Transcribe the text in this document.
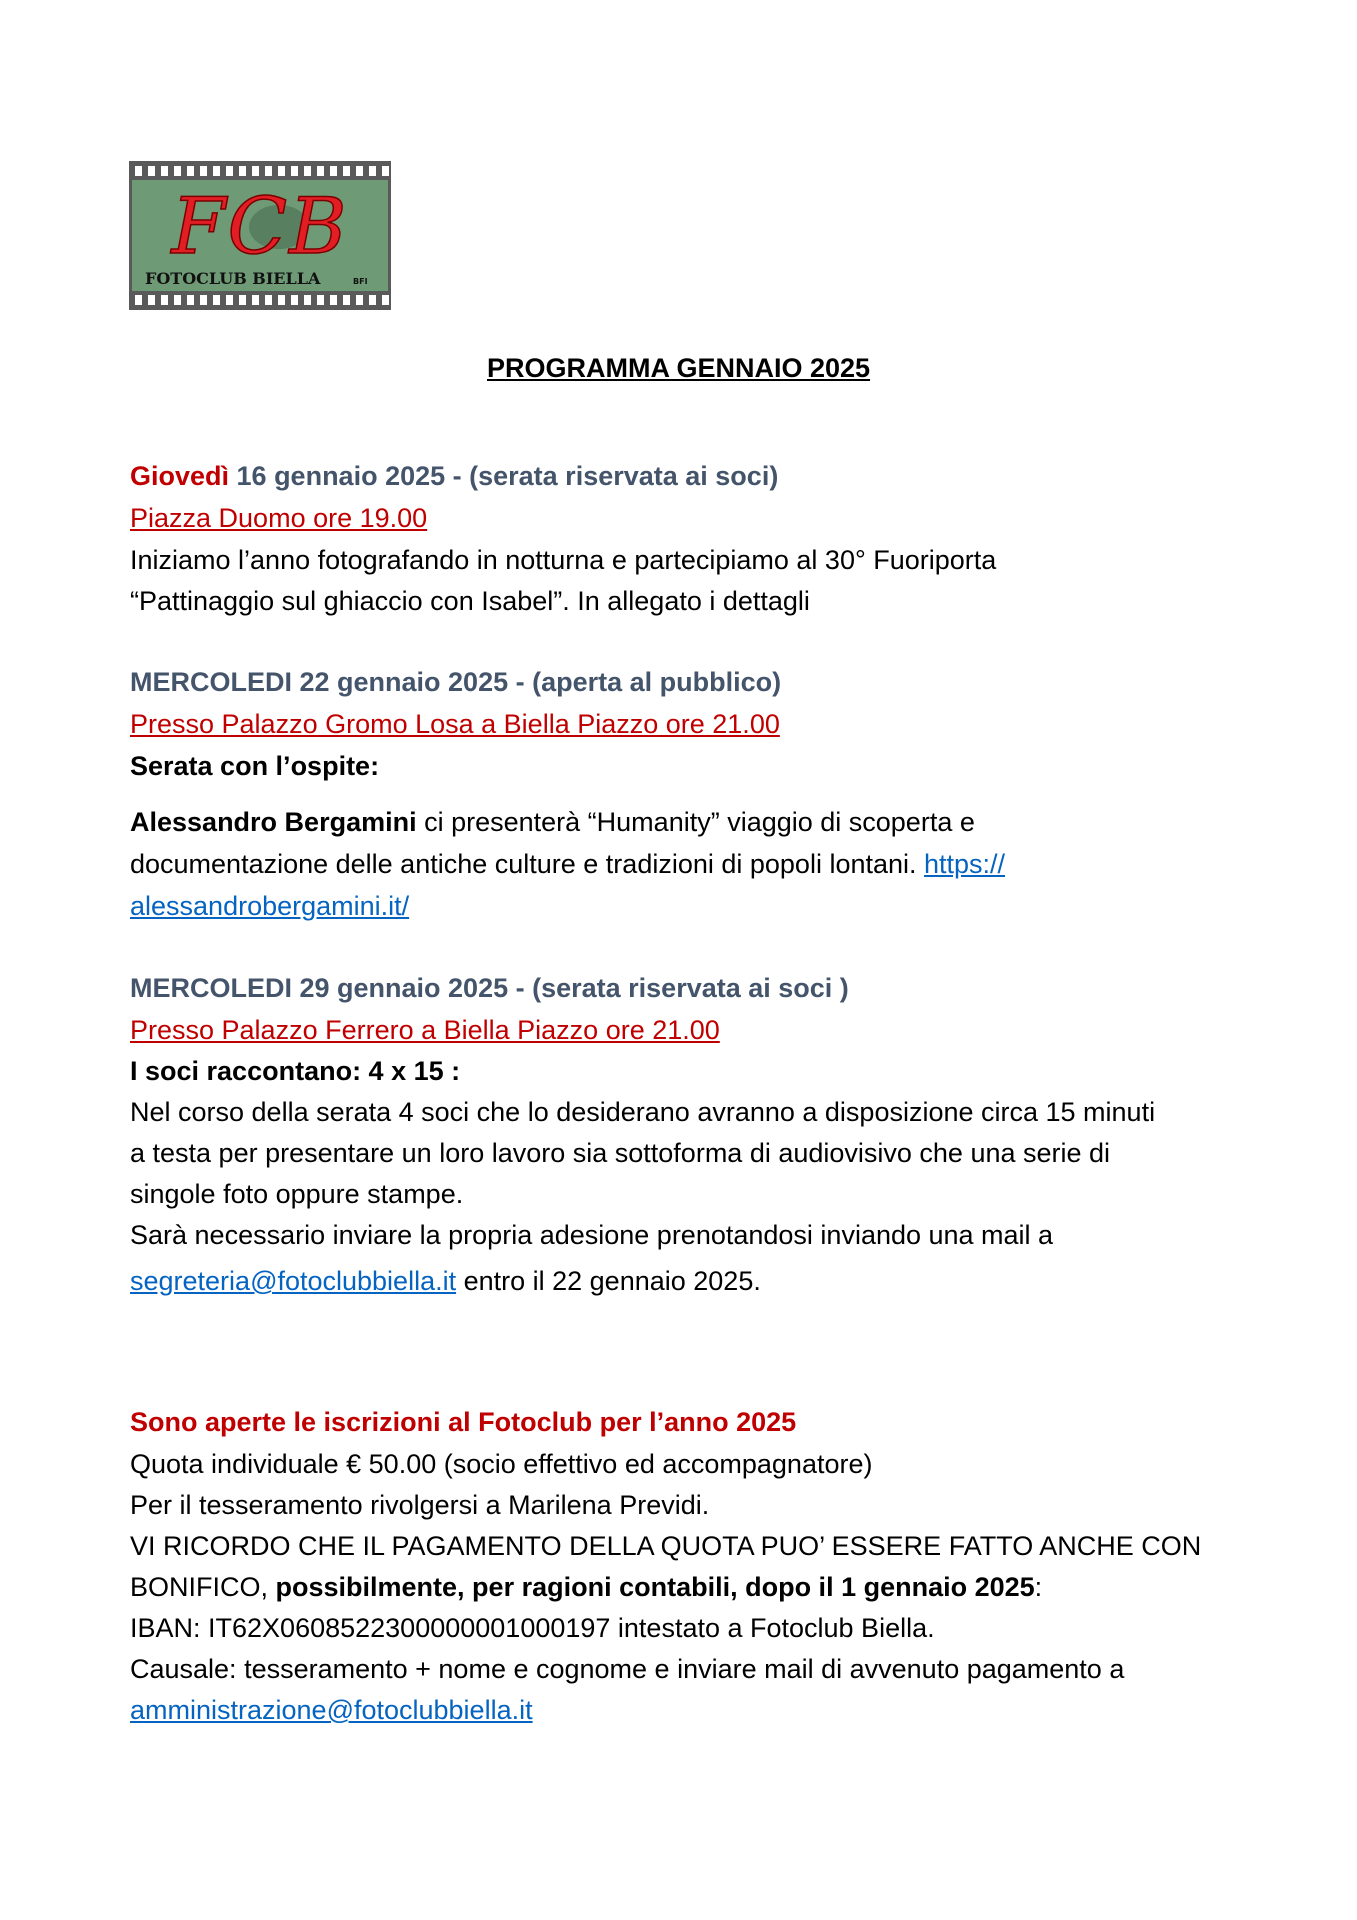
FCB
FOTOCLUB BIELLA	BFI
PROGRAMMA GENNAIO 2025
Giovedì 16 gennaio 2025 - (serata riservata ai soci)
Piazza Duomo ore 19.00
Iniziamo l’anno fotografando in notturna e partecipiamo al 30° Fuoriporta
“Pattinaggio sul ghiaccio con Isabel”. In allegato i dettagli
MERCOLEDI 22 gennaio 2025 - (aperta al pubblico)
Presso Palazzo Gromo Losa a Biella Piazzo ore 21.00
Serata con l’ospite:
Alessandro Bergamini ci presenterà “Humanity” viaggio di scoperta e
documentazione delle antiche culture e tradizioni di popoli lontani. https://
alessandrobergamini.it/
MERCOLEDI 29 gennaio 2025 - (serata riservata ai soci )
Presso Palazzo Ferrero a Biella Piazzo ore 21.00
I soci raccontano: 4 x 15 :
Nel corso della serata 4 soci che lo desiderano avranno a disposizione circa 15 minuti
a testa per presentare un loro lavoro sia sottoforma di audiovisivo che una serie di
singole foto oppure stampe.
Sarà necessario inviare la propria adesione prenotandosi inviando una mail a
segreteria@fotoclubbiella.it entro il 22 gennaio 2025.
Sono aperte le iscrizioni al Fotoclub per l’anno 2025
Quota individuale € 50.00 (socio effettivo ed accompagnatore)
Per il tesseramento rivolgersi a Marilena Previdi.
VI RICORDO CHE IL PAGAMENTO DELLA QUOTA PUO’ ESSERE FATTO ANCHE CON
BONIFICO, possibilmente, per ragioni contabili, dopo il 1 gennaio 2025:
IBAN: IT62X0608522300000001000197 intestato a Fotoclub Biella.
Causale: tesseramento + nome e cognome e inviare mail di avvenuto pagamento a
amministrazione@fotoclubbiella.it
